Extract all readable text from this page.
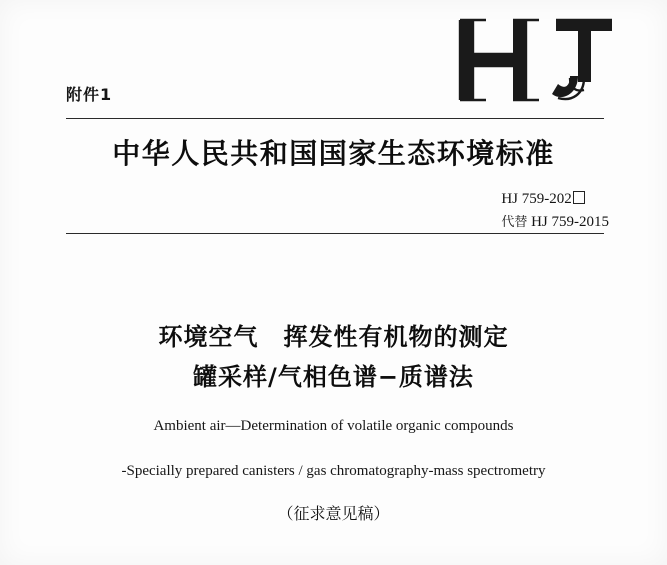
附件1
中华人民共和国国家生态环境标准
HJ 759-202
代替 HJ 759-2015
环境空气　挥发性有机物的测定
罐采样/气相色谱−质谱法
Ambient air—Determination of volatile organic compounds
-Specially prepared canisters / gas chromatography-mass spectrometry
（征求意见稿）
